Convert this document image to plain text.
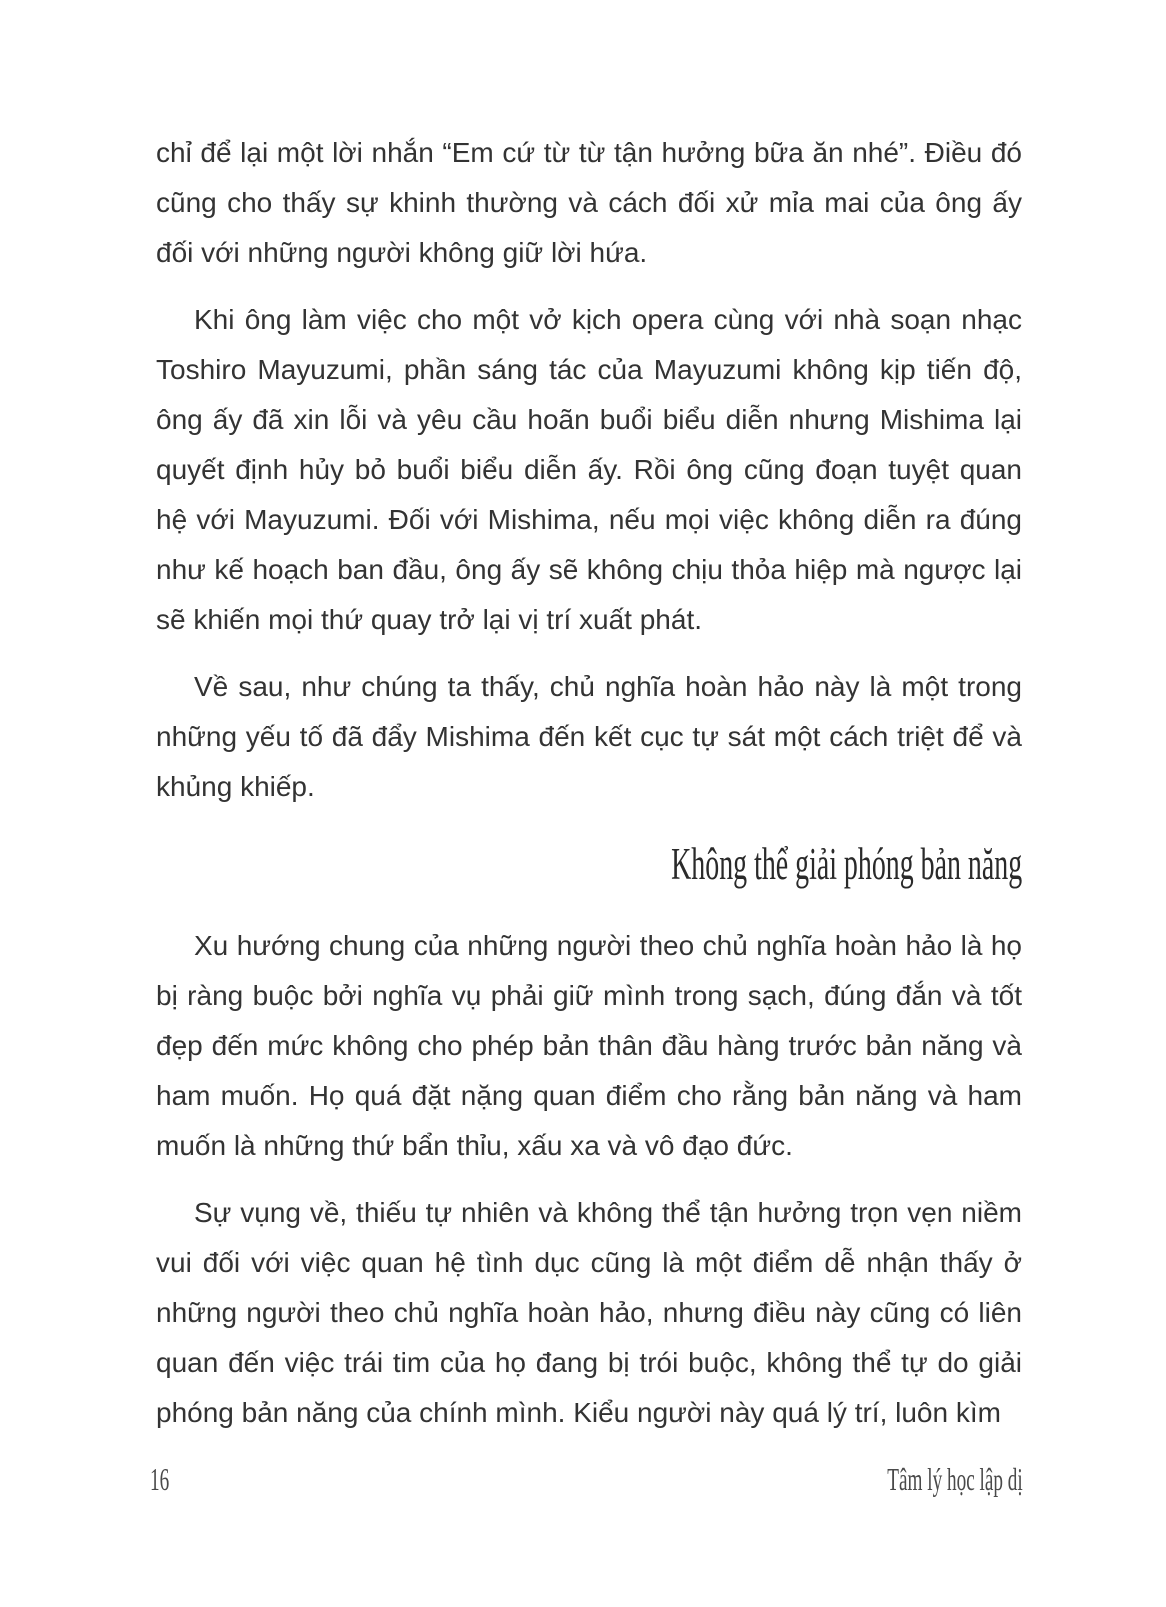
chỉ để lại một lời nhắn “Em cứ từ từ tận hưởng bữa ăn nhé”. Điều đó cũng cho thấy sự khinh thường và cách đối xử mỉa mai của ông ấy đối với những người không giữ lời hứa.

Khi ông làm việc cho một vở kịch opera cùng với nhà soạn nhạc Toshiro Mayuzumi, phần sáng tác của Mayuzumi không kịp tiến độ, ông ấy đã xin lỗi và yêu cầu hoãn buổi biểu diễn nhưng Mishima lại quyết định hủy bỏ buổi biểu diễn ấy. Rồi ông cũng đoạn tuyệt quan hệ với Mayuzumi. Đối với Mishima, nếu mọi việc không diễn ra đúng như kế hoạch ban đầu, ông ấy sẽ không chịu thỏa hiệp mà ngược lại sẽ khiến mọi thứ quay trở lại vị trí xuất phát.

Về sau, như chúng ta thấy, chủ nghĩa hoàn hảo này là một trong những yếu tố đã đẩy Mishima đến kết cục tự sát một cách triệt để và khủng khiếp.

Không thể giải phóng bản năng

Xu hướng chung của những người theo chủ nghĩa hoàn hảo là họ bị ràng buộc bởi nghĩa vụ phải giữ mình trong sạch, đúng đắn và tốt đẹp đến mức không cho phép bản thân đầu hàng trước bản năng và ham muốn. Họ quá đặt nặng quan điểm cho rằng bản năng và ham muốn là những thứ bẩn thỉu, xấu xa và vô đạo đức.

Sự vụng về, thiếu tự nhiên và không thể tận hưởng trọn vẹn niềm vui đối với việc quan hệ tình dục cũng là một điểm dễ nhận thấy ở những người theo chủ nghĩa hoàn hảo, nhưng điều này cũng có liên quan đến việc trái tim của họ đang bị trói buộc, không thể tự do giải phóng bản năng của chính mình. Kiểu người này quá lý trí, luôn kìm

16	Tâm lý học lập dị
